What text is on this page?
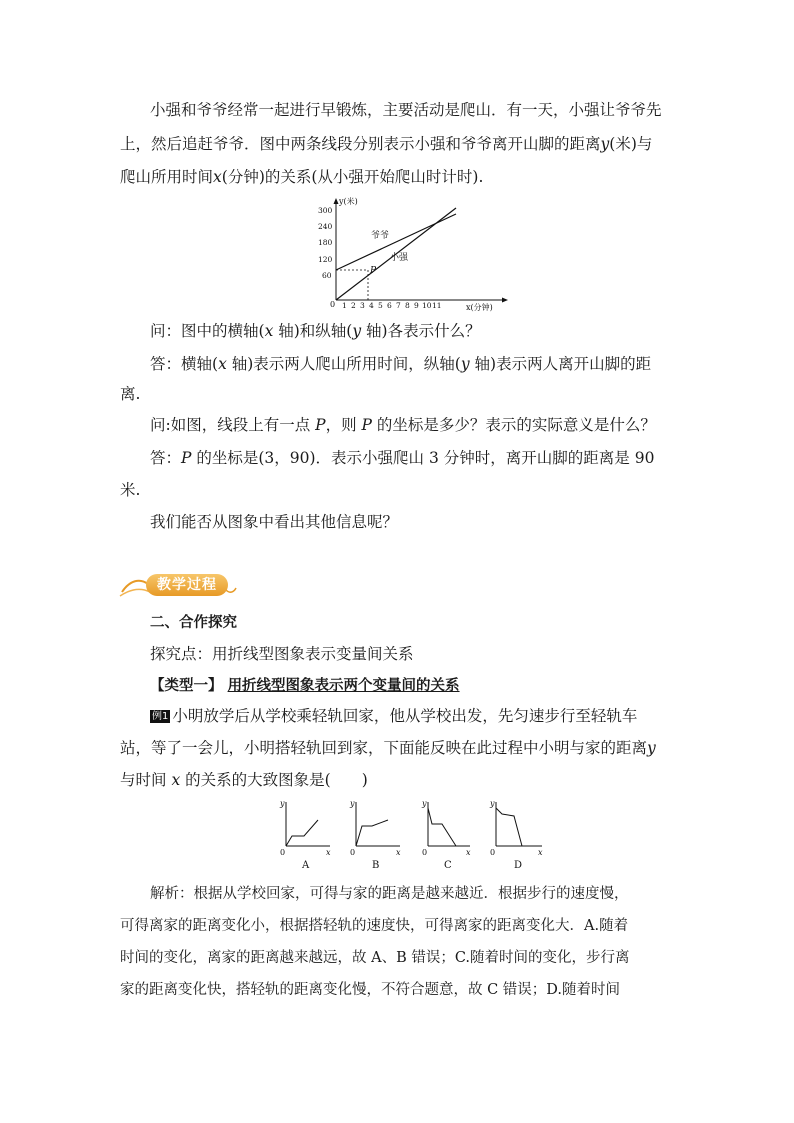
小强和爷爷经常一起进行早锻炼，主要活动是爬山．有一天，小强让爷爷先

上，然后追赶爷爷．图中两条线段分别表示小强和爷爷离开山脚的距离y(米)与

爬山所用时间x(分钟)的关系(从小强开始爬山时计时).

y(米)
x(分钟)
0
300
240
180
120
60
1 2 3 4 5 6 7 8 9 10 11
P
爷爷
小强

问：图中的横轴(x 轴)和纵轴(y 轴)各表示什么？

答：横轴(x 轴)表示两人爬山所用时间，纵轴(y 轴)表示两人离开山脚的距

离.

问:如图，线段上有一点 P，则 P 的坐标是多少？表示的实际意义是什么？

答：P 的坐标是(3，90)．表示小强爬山 3 分钟时，离开山脚的距离是 90

米.

我们能否从图象中看出其他信息呢？

教学过程

二、合作探究

探究点：用折线型图象表示变量间关系

【类型一】 用折线型图象表示两个变量间的关系

例1 小明放学后从学校乘轻轨回家，他从学校出发，先匀速步行至轻轨车

站，等了一会儿，小明搭轻轨回到家，下面能反映在此过程中小明与家的距离y

与时间 x 的关系的大致图象是(　　)

y
x
0
A
y
x
0
B
y
x
0
C
y
x
0
D

解析：根据从学校回家，可得与家的距离是越来越近．根据步行的速度慢，

可得离家的距离变化小，根据搭轻轨的速度快，可得离家的距离变化大．A.随着

时间的变化，离家的距离越来越远，故 A、B 错误；C.随着时间的变化，步行离

家的距离变化快，搭轻轨的距离变化慢，不符合题意，故 C 错误；D.随着时间
